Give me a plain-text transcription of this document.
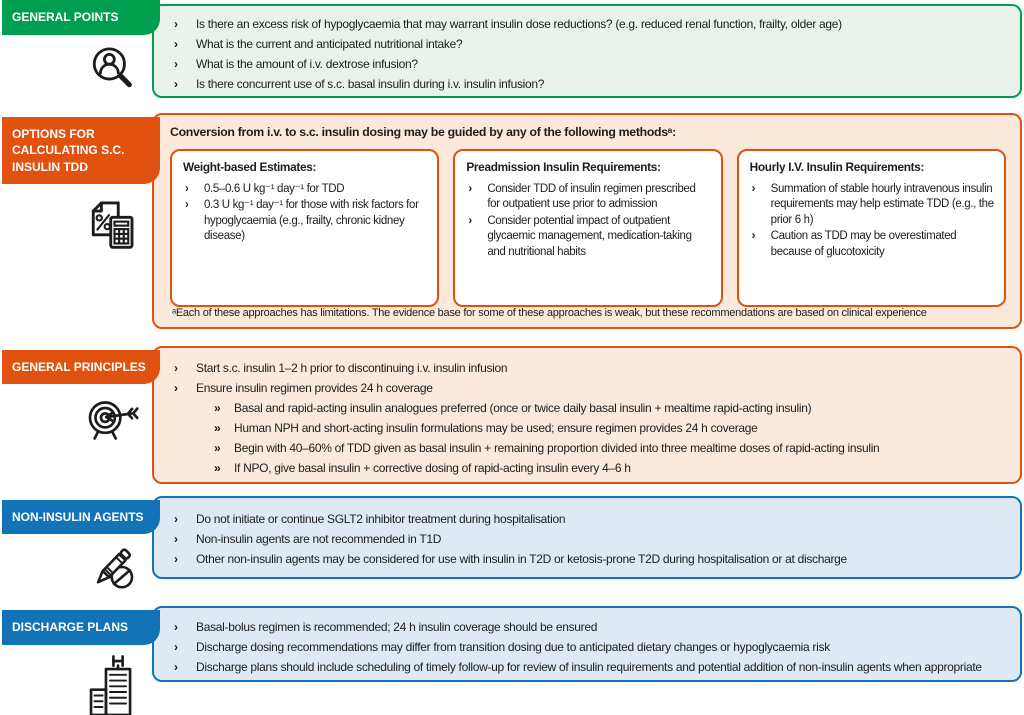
GENERAL POINTS	›	Is there an excess risk of hypoglycaemia that may warrant insulin dose reductions? (e.g. reduced renal function, frailty, older age)
›	What is the current and anticipated nutritional intake?
›	What is the amount of i.v. dextrose infusion?
›	Is there concurrent use of s.c. basal insulin during i.v. insulin infusion?
OPTIONS FOR CALCULATING S.C. INSULIN TDD
Conversion from i.v. to s.c. insulin dosing may be guided by any of the following methodsᵃ:
Weight-based Estimates:
›	0.5–0.6 U kg⁻¹ day⁻¹ for TDD
›	0.3 U kg⁻¹ day⁻¹ for those with risk factors for hypoglycaemia (e.g., frailty, chronic kidney disease)
Preadmission Insulin Requirements:
›	Consider TDD of insulin regimen prescribed for outpatient use prior to admission
›	Consider potential impact of outpatient glycaemic management, medication-taking and nutritional habits
Hourly I.V. Insulin Requirements:
›	Summation of stable hourly intravenous insulin requirements may help estimate TDD (e.g., the prior 6 h)
›	Caution as TDD may be overestimated because of glucotoxicity
ᵃEach of these approaches has limitations. The evidence base for some of these approaches is weak, but these recommendations are based on clinical experience
GENERAL PRINCIPLES	›	Start s.c. insulin 1–2 h prior to discontinuing i.v. insulin infusion
›	Ensure insulin regimen provides 24 h coverage
»	Basal and rapid-acting insulin analogues preferred (once or twice daily basal insulin + mealtime rapid-acting insulin)
»	Human NPH and short-acting insulin formulations may be used; ensure regimen provides 24 h coverage
»	Begin with 40–60% of TDD given as basal insulin + remaining proportion divided into three mealtime doses of rapid-acting insulin
»	If NPO, give basal insulin + corrective dosing of rapid-acting insulin every 4–6 h
NON-INSULIN AGENTS	›	Do not initiate or continue SGLT2 inhibitor treatment during hospitalisation
›	Non-insulin agents are not recommended in T1D
›	Other non-insulin agents may be considered for use with insulin in T2D or ketosis-prone T2D during hospitalisation or at discharge
DISCHARGE PLANS	›	Basal-bolus regimen is recommended; 24 h insulin coverage should be ensured
›	Discharge dosing recommendations may differ from transition dosing due to anticipated dietary changes or hypoglycaemia risk
›	Discharge plans should include scheduling of timely follow-up for review of insulin requirements and potential addition of non-insulin agents when appropriate
